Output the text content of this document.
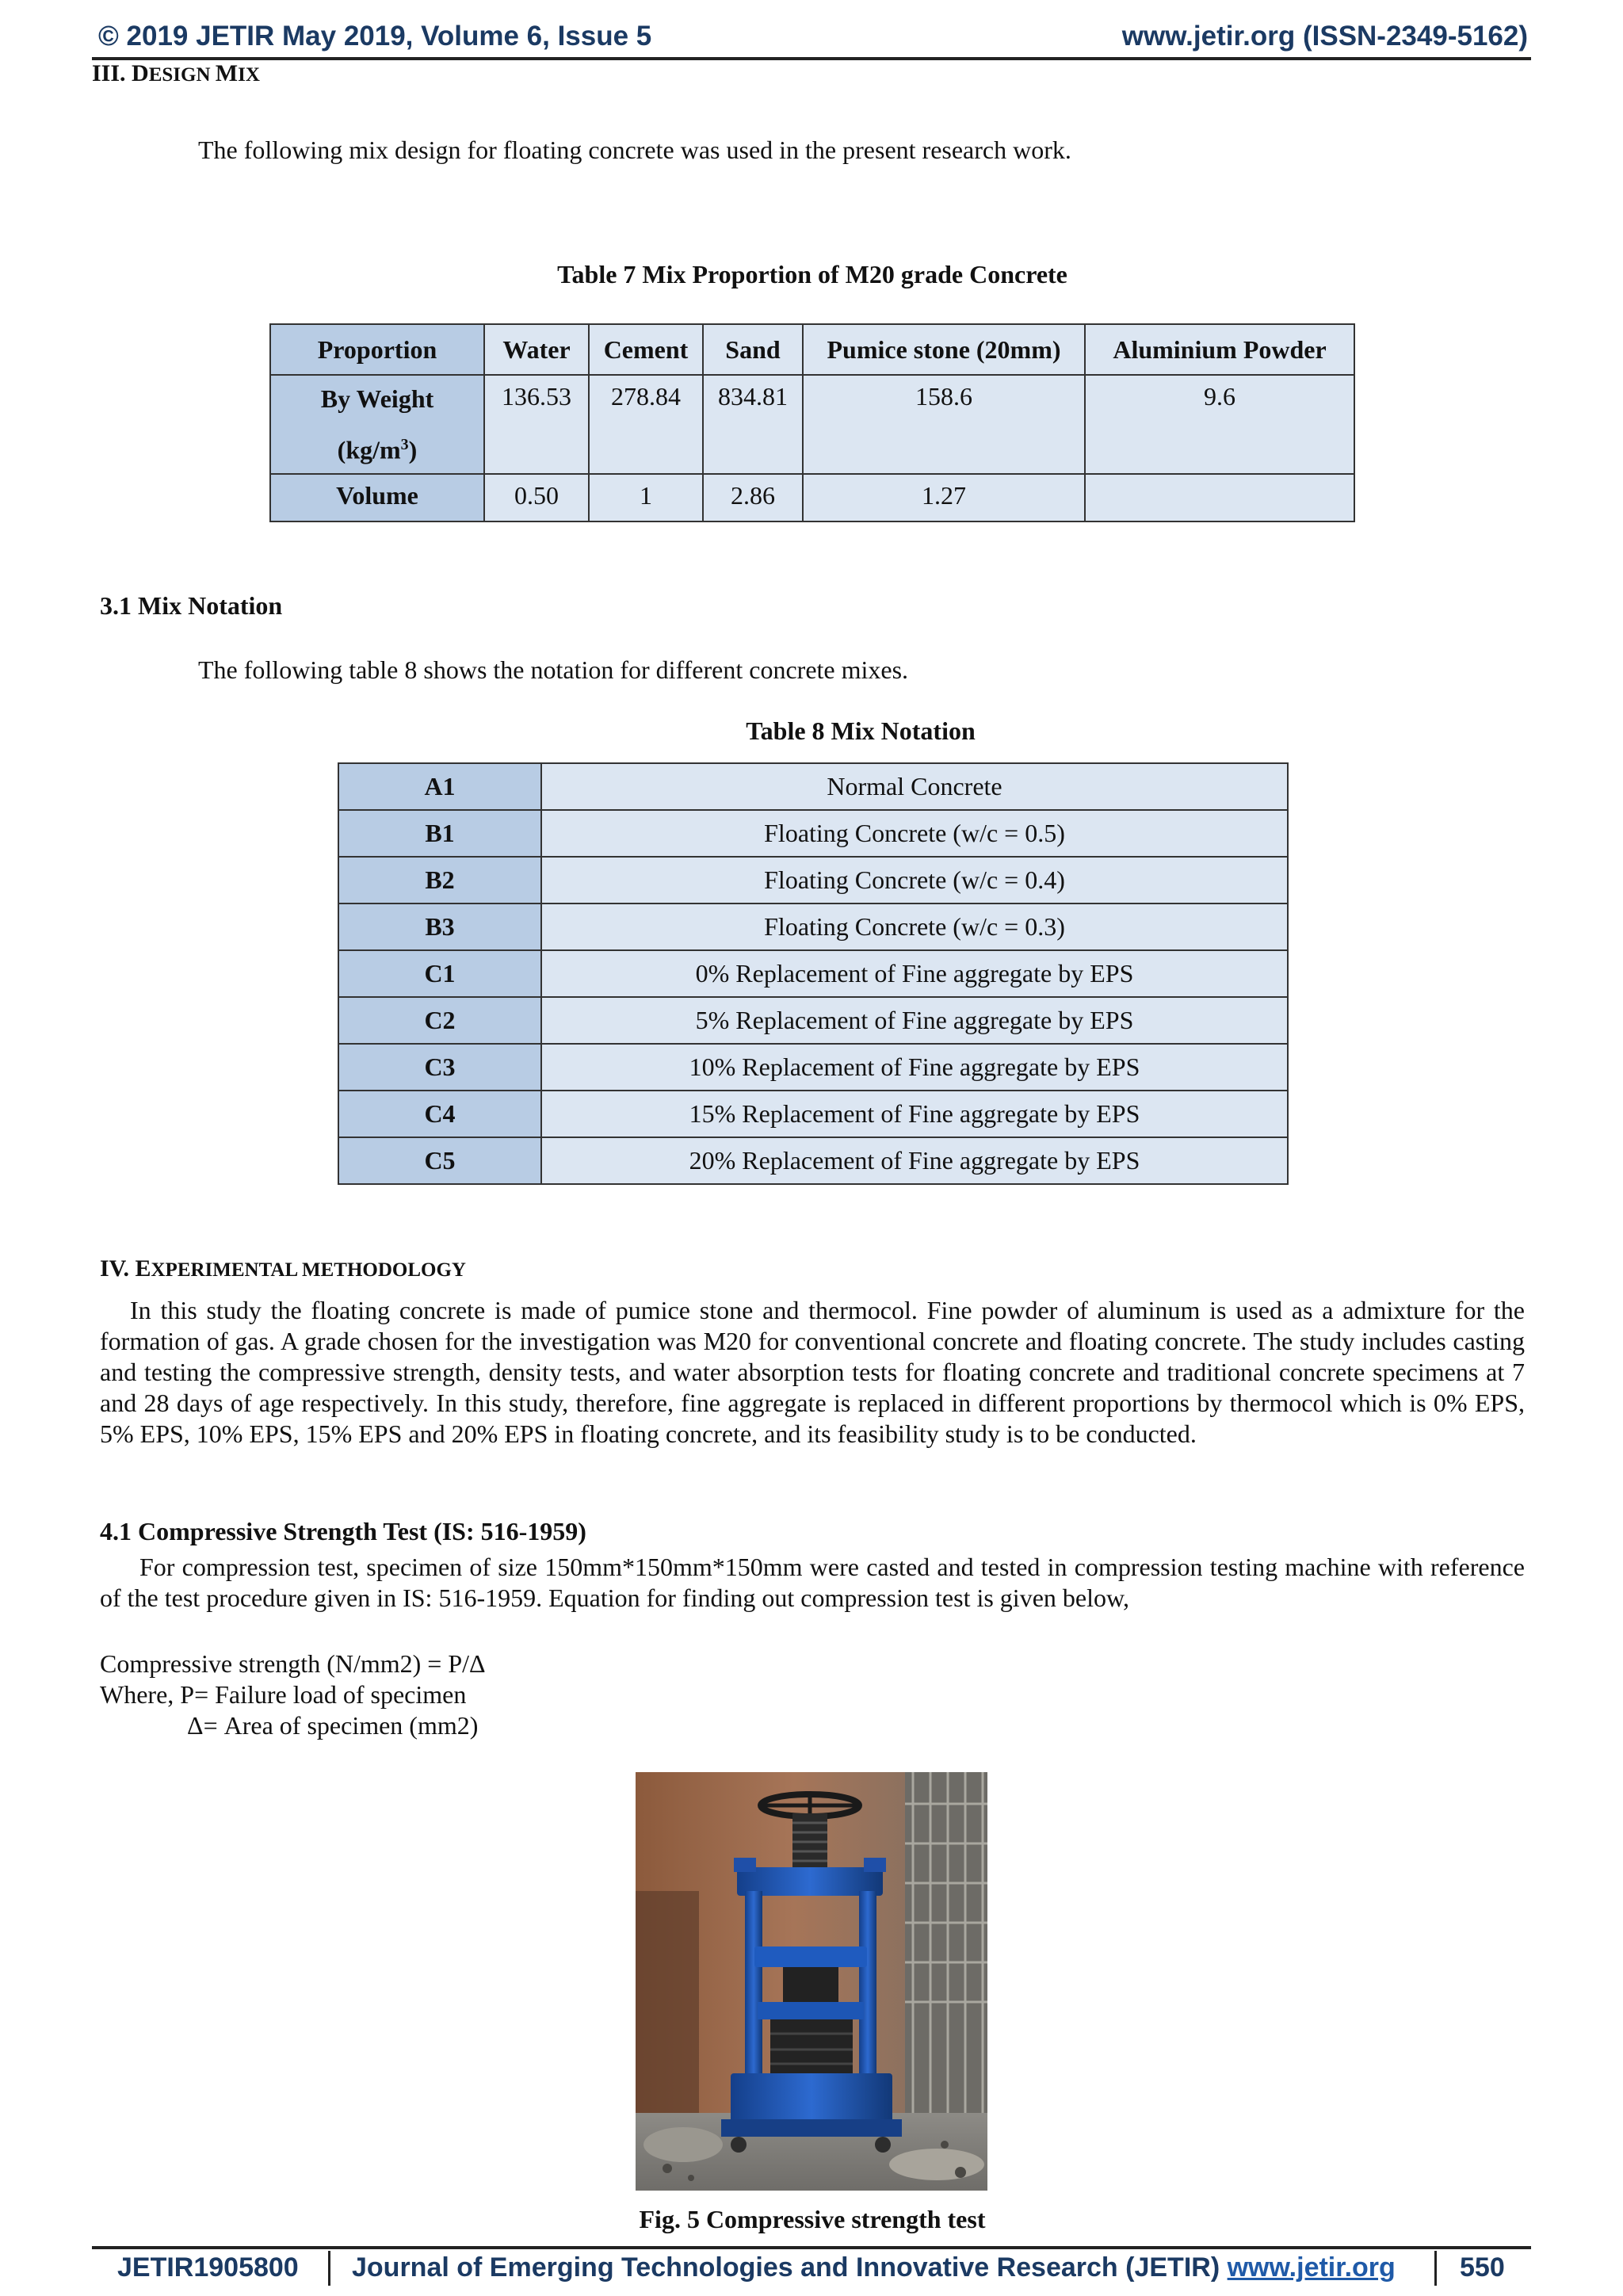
© 2019 JETIR May 2019, Volume 6, Issue 5	www.jetir.org (ISSN-2349-5162)
III. DESIGN MIX
The following mix design for floating concrete was used in the present research work.
Table 7 Mix Proportion of M20 grade Concrete
Proportion	Water	Cement	Sand	Pumice stone (20mm)	Aluminium Powder
By Weight
$(kg/m^3)$	136.53	278.84	834.81	158.6	9.6
Volume	0.50	1	2.86	1.27	
3.1 Mix Notation
The following table 8 shows the notation for different concrete mixes.
Table 8 Mix Notation
A1	Normal Concrete
B1	Floating Concrete (w/c = 0.5)
B2	Floating Concrete (w/c = 0.4)
B3	Floating Concrete (w/c = 0.3)
C1	0% Replacement of Fine aggregate by EPS
C2	5% Replacement of Fine aggregate by EPS
C3	10% Replacement of Fine aggregate by EPS
C4	15% Replacement of Fine aggregate by EPS
C5	20% Replacement of Fine aggregate by EPS
IV. EXPERIMENTAL METHODOLOGY
In this study the floating concrete is made of pumice stone and thermocol. Fine powder of aluminum is used as a admixture for the formation of gas. A grade chosen for the investigation was M20 for conventional concrete and floating concrete. The study includes casting and testing the compressive strength, density tests, and water absorption tests for floating concrete and traditional concrete specimens at 7 and 28 days of age respectively. In this study, therefore, fine aggregate is replaced in different proportions by thermocol which is 0% EPS, 5% EPS, 10% EPS, 15% EPS and 20% EPS in floating concrete, and its feasibility study is to be conducted.
4.1 Compressive Strength Test (IS: 516-1959)
For compression test, specimen of size 150mm*150mm*150mm were casted and tested in compression testing machine with reference of the test procedure given in IS: 516-1959. Equation for finding out compression test is given below,
Compressive strength (N/mm2) = P/Δ
Where, P= Failure load of specimen
Δ= Area of specimen (mm2)
Fig. 5 Compressive strength test
JETIR1905800 Journal of Emerging Technologies and Innovative Research (JETIR) www.jetir.org 550
